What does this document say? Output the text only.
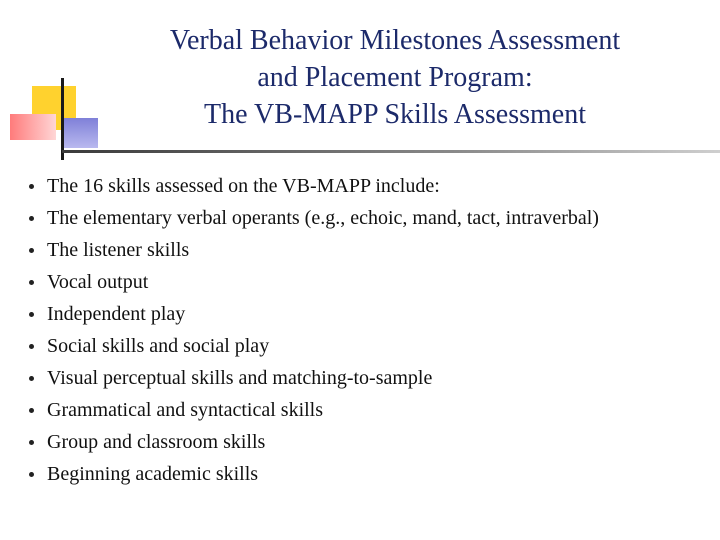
Verbal Behavior Milestones Assessment
and Placement Program:
The VB-MAPP Skills Assessment
The 16 skills assessed on the VB-MAPP include:
The elementary verbal operants (e.g., echoic, mand, tact, intraverbal)
The listener skills
Vocal output
Independent play
Social skills and social play
Visual perceptual skills and matching-to-sample
Grammatical and syntactical skills
Group and classroom skills
Beginning academic skills
